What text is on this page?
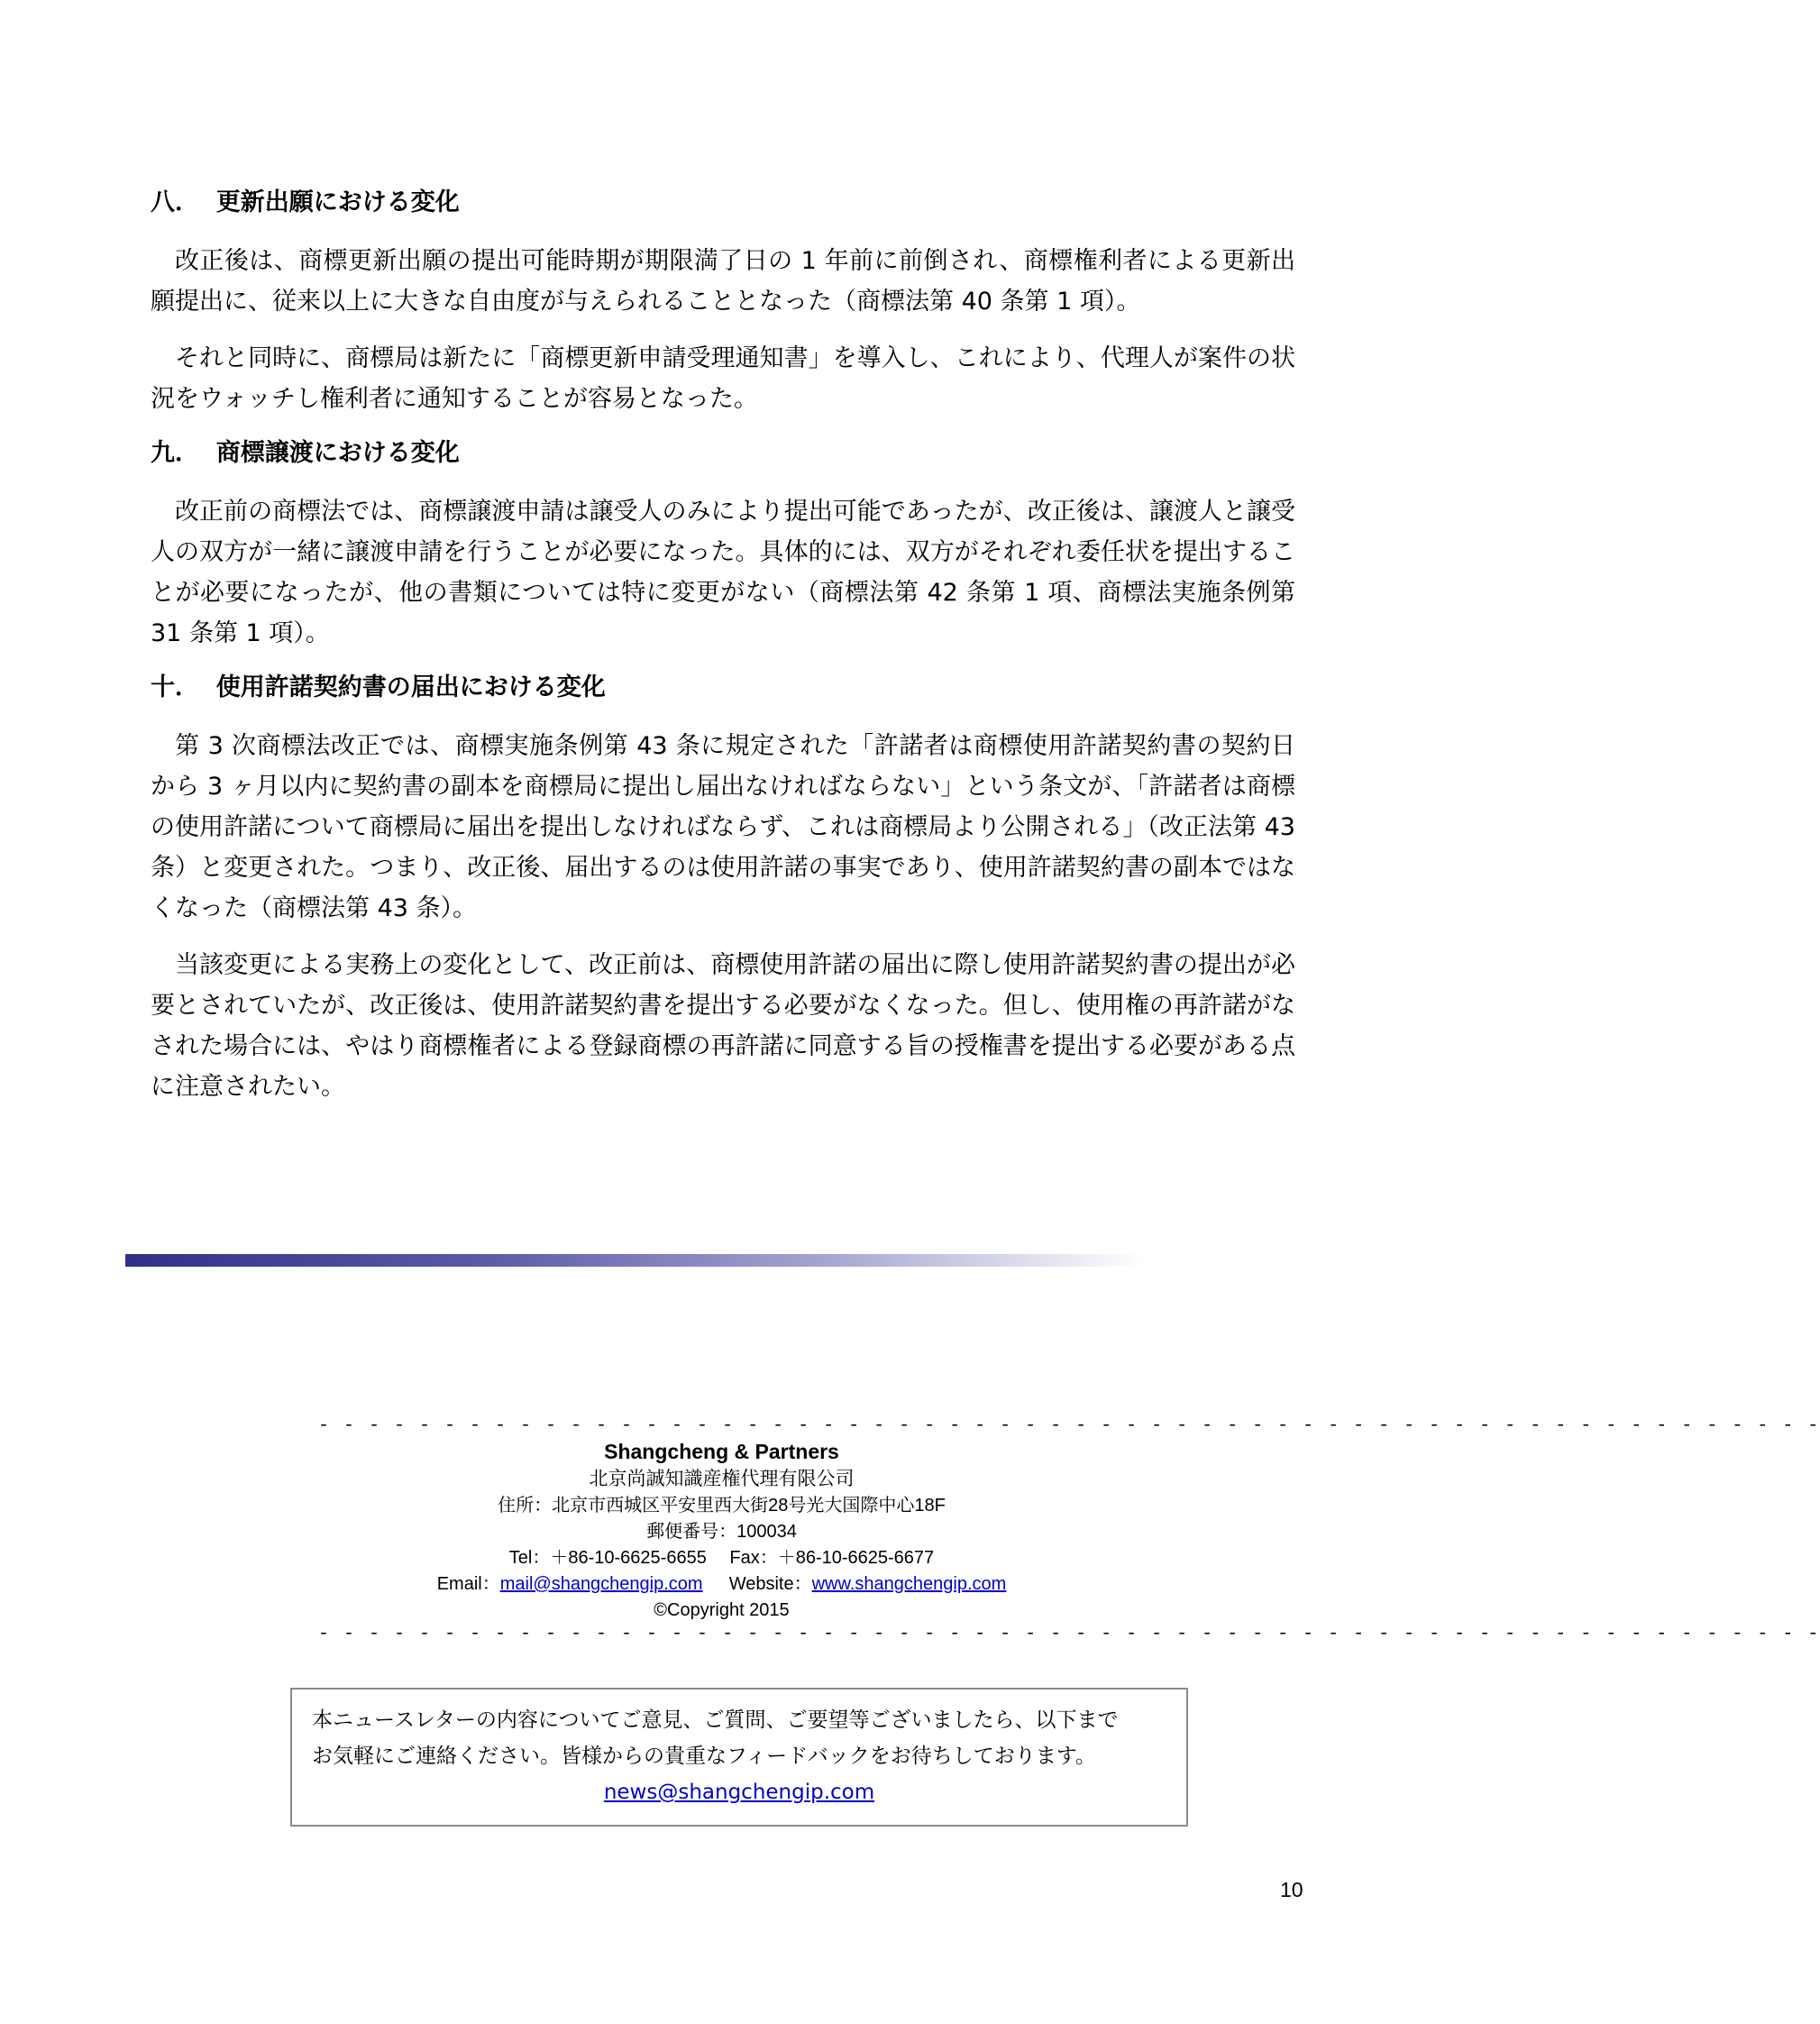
八．  更新出願における変化

改正後は、商標更新出願の提出可能時期が期限満了日の 1 年前に前倒され、商標権利者による更新出願提出に、従来以上に大きな自由度が与えられることとなった（商標法第 40 条第 1 項）。

それと同時に、商標局は新たに「商標更新申請受理通知書」を導入し、これにより、代理人が案件の状況をウォッチし権利者に通知することが容易となった。

九．  商標譲渡における変化

改正前の商標法では、商標譲渡申請は譲受人のみにより提出可能であったが、改正後は、譲渡人と譲受人の双方が一緒に譲渡申請を行うことが必要になった。具体的には、双方がそれぞれ委任状を提出することが必要になったが、他の書類については特に変更がない（商標法第 42 条第 1 項、商標法実施条例第 31 条第 1 項）。

十．  使用許諾契約書の届出における変化

第 3 次商標法改正では、商標実施条例第 43 条に規定された「許諾者は商標使用許諾契約書の契約日から 3 ヶ月以内に契約書の副本を商標局に提出し届出なければならない」という条文が、「許諾者は商標の使用許諾について商標局に届出を提出しなければならず、これは商標局より公開される」（改正法第 43 条）と変更された。つまり、改正後、届出するのは使用許諾の事実であり、使用許諾契約書の副本ではなくなった（商標法第 43 条）。

当該変更による実務上の変化として、改正前は、商標使用許諾の届出に際し使用許諾契約書の提出が必要とされていたが、改正後は、使用許諾契約書を提出する必要がなくなった。但し、使用権の再許諾がなされた場合には、やはり商標権者による登録商標の再許諾に同意する旨の授権書を提出する必要がある点に注意されたい。

- - - - - - - - - - - - - - - - - - - - - - - - - - - - - - - - - - - - - - - - - - - - - - - - - - - - - - - - - - - -
Shangcheng & Partners
北京尚誠知識産権代理有限公司
住所：北京市西城区平安里西大街28号光大国際中心18F
郵便番号：100034
Tel：＋86-10-6625-6655　 Fax：＋86-10-6625-6677
Email：mail@shangchengip.com Website：www.shangchengip.com
©Copyright 2015
- - - - - - - - - - - - - - - - - - - - - - - - - - - - - - - - - - - - - - - - - - - - - - - - - - - - - - - - - - - -
本ニュースレターの内容についてご意見、ご質問、ご要望等ございましたら、以下まで
お気軽にご連絡ください。皆様からの貴重なフィードバックをお待ちしております。
news@shangchengip.com
10
